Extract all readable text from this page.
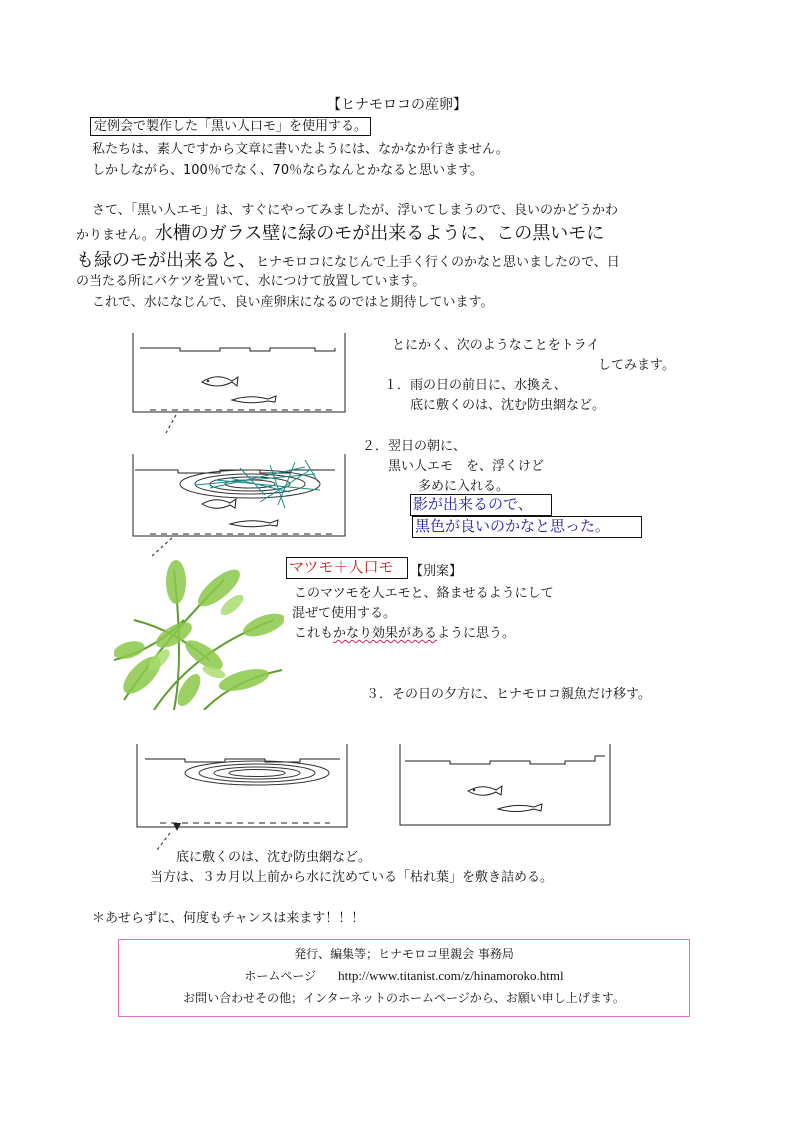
【ヒナモロコの産卵】
定例会で製作した「黒い人口モ」を使用する。
私たちは、素人ですから文章に書いたようには、なかなか行きません。
しかしながら、100％でなく、70％ならなんとかなると思います。
さて、「黒い人エモ」は、すぐにやってみましたが、浮いてしまうので、良いのかどうかわ
かりません。水槽のガラス壁に緑のモが出来るように、この黒いモに
も緑のモが出来ると、ヒナモロコになじんで上手く行くのかなと思いましたので、日
の当たる所にバケツを置いて、水につけて放置しています。
これで、水になじんで、良い産卵床になるのではと期待しています。
とにかく、次のようなことをトライ
してみます。
１．雨の日の前日に、水換え、
底に敷くのは、沈む防虫網など。
２．翌日の朝に、
黒い人エモ　を、浮くけど
多めに入れる。
影が出来るので、
黒色が良いのかなと思った。
マツモ＋人口モ	【別案】
このマツモを人エモと、絡ませるようにして
混ぜて使用する。
これもかなり効果があるように思う。
３．その日の夕方に、ヒナモロコ親魚だけ移す。
底に敷くのは、沈む防虫網など。
当方は、３カ月以上前から水に沈めている「枯れ葉」を敷き詰める。
＊あせらずに、何度もチャンスは来ます！！！
発行、編集等；ヒナモロコ里親会 事務局
ホームページ http://www.titanist.com/z/hinamoroko.html
お問い合わせその他；インターネットのホームページから、お願い申し上げます。
